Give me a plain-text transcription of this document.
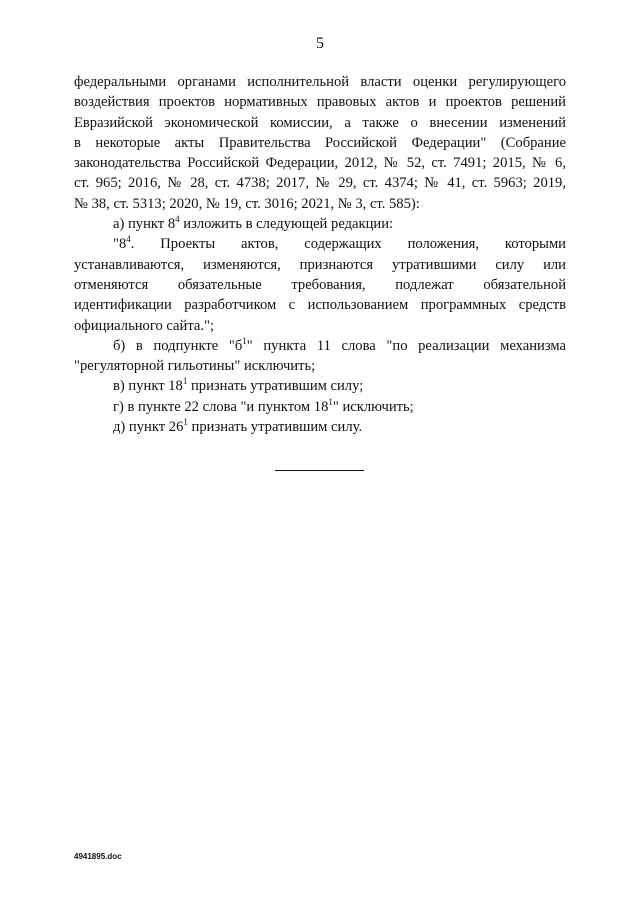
5

федеральными органами исполнительной власти оценки регулирующего

воздействия проектов нормативных правовых актов и проектов решений

Евразийской экономической комиссии, а также о внесении изменений

в некоторые акты Правительства Российской Федерации" (Собрание

законодательства Российской Федерации, 2012, № 52, ст. 7491; 2015, № 6,

ст. 965; 2016, № 28, ст. 4738; 2017, № 29, ст. 4374; № 41, ст. 5963; 2019,

№ 38, ст. 5313; 2020, № 19, ст. 3016; 2021, № 3, ст. 585):

а) пункт $8^4$ изложить в следующей редакции:

"$8^4$. Проекты актов, содержащих положения, которыми

устанавливаются, изменяются, признаются утратившими силу или

отменяются обязательные требования, подлежат обязательной

идентификации разработчиком с использованием программных средств

официального сайта.";

б) в подпункте "$б^1$" пункта 11 слова "по реализации механизма

"регуляторной гильотины" исключить;

в) пункт $18^1$ признать утратившим силу;

г) в пункте 22 слова "и пунктом $18^1$" исключить;

д) пункт $26^1$ признать утратившим силу.

4941895.doc
